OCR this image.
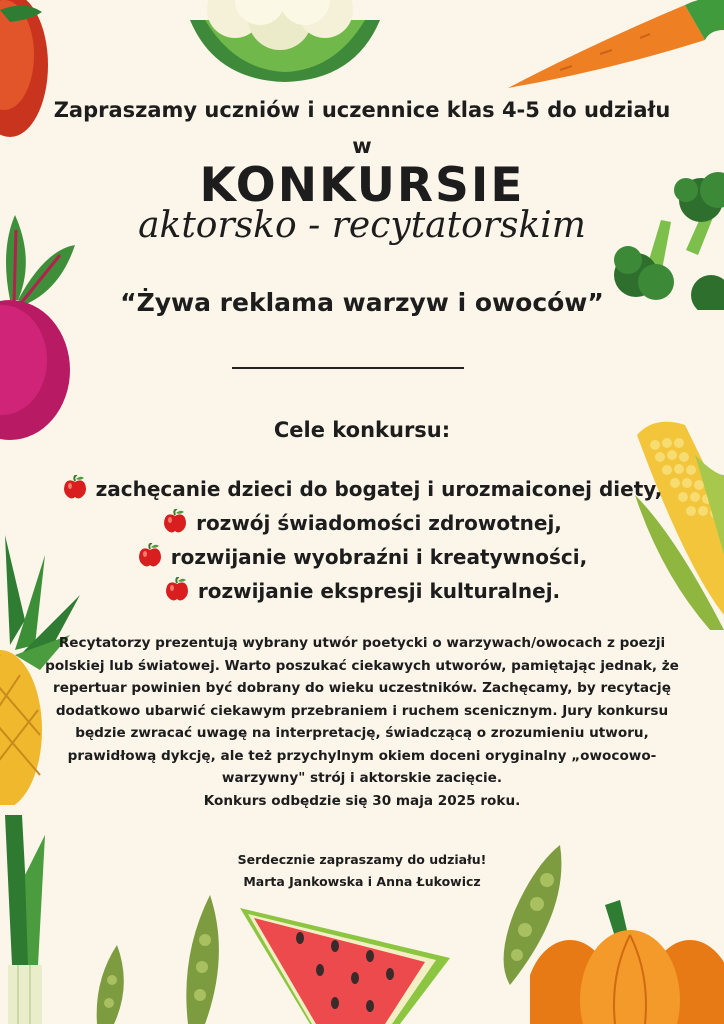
Zapraszamy uczniów i uczennice klas 4-5 do udziału
w
KONKURSIE
aktorsko - recytatorskim
“Żywa reklama warzyw i owoców”
Cele konkursu:
zachęcanie dzieci do bogatej i urozmaiconej diety,
rozwój świadomości zdrowotnej,
rozwijanie wyobraźni i kreatywności,
rozwijanie ekspresji kulturalnej.

Recytatorzy prezentują wybrany utwór poetycki o warzywach/owocach z poezji polskiej lub światowej. Warto poszukać ciekawych utworów, pamiętając jednak, że repertuar powinien być dobrany do wieku uczestników. Zachęcamy, by recytację dodatkowo ubarwić ciekawym przebraniem i ruchem scenicznym. Jury konkursu będzie zwracać uwagę na interpretację, świadczącą o zrozumieniu utworu, prawidłową dykcję, ale też przychylnym okiem doceni oryginalny „owocowo-warzywny" strój i aktorskie zacięcie.
Konkurs odbędzie się 30 maja 2025 roku.

Serdecznie zapraszamy do udziału!
Marta Jankowska i Anna Łukowicz
